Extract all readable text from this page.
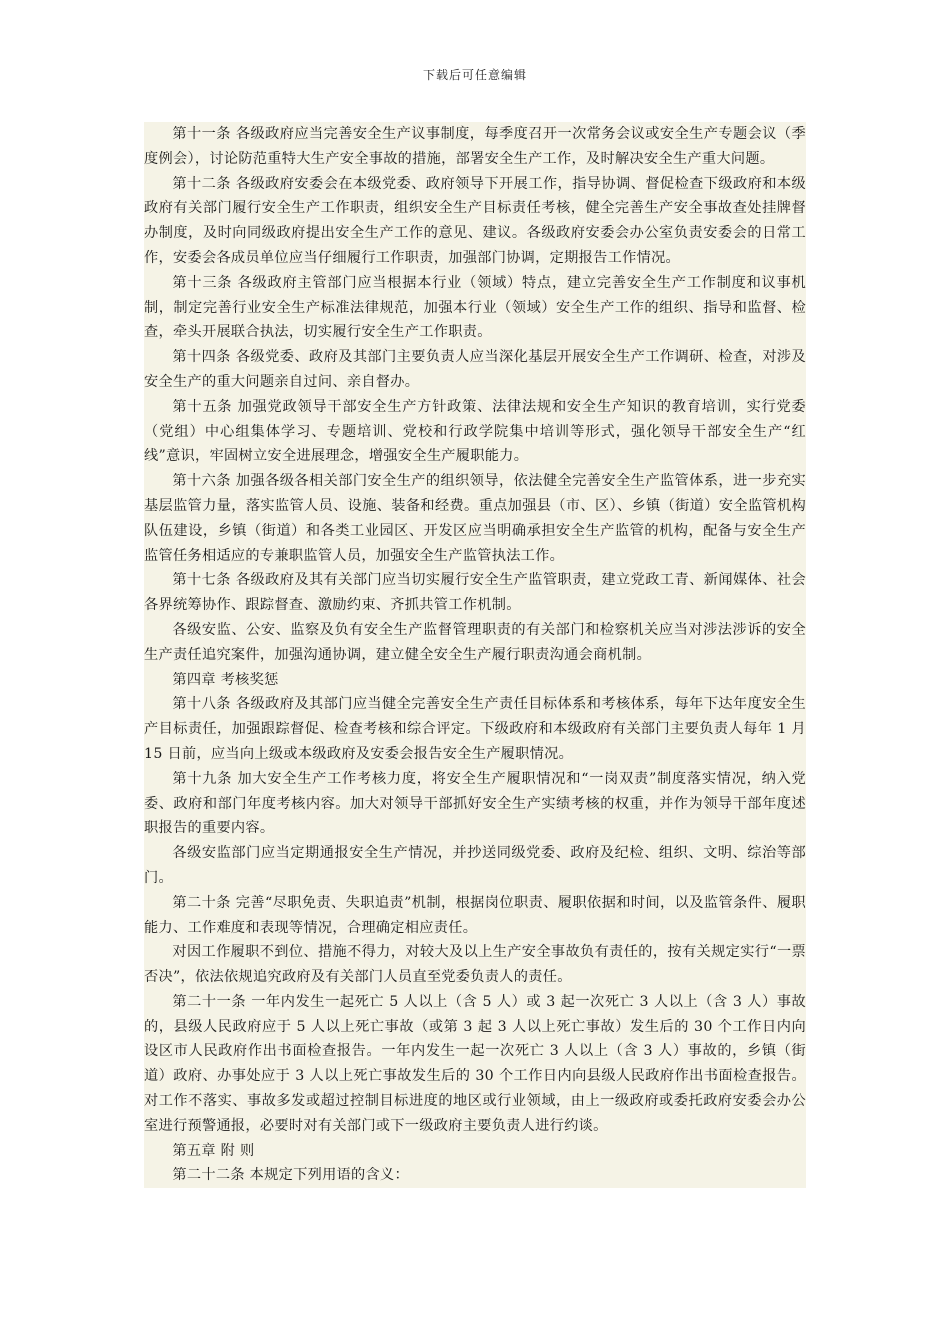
下载后可任意编辑

第十一条 各级政府应当完善安全生产议事制度，每季度召开一次常务会议或安全生产专题会议（季度例会），讨论防范重特大生产安全事故的措施，部署安全生产工作，及时解决安全生产重大问题。

第十二条 各级政府安委会在本级党委、政府领导下开展工作，指导协调、督促检查下级政府和本级政府有关部门履行安全生产工作职责，组织安全生产目标责任考核，健全完善生产安全事故查处挂牌督办制度，及时向同级政府提出安全生产工作的意见、建议。各级政府安委会办公室负责安委会的日常工作，安委会各成员单位应当仔细履行工作职责，加强部门协调，定期报告工作情况。

第十三条 各级政府主管部门应当根据本行业（领域）特点，建立完善安全生产工作制度和议事机制，制定完善行业安全生产标准法律规范，加强本行业（领域）安全生产工作的组织、指导和监督、检查，牵头开展联合执法，切实履行安全生产工作职责。

第十四条 各级党委、政府及其部门主要负责人应当深化基层开展安全生产工作调研、检查，对涉及安全生产的重大问题亲自过问、亲自督办。

第十五条 加强党政领导干部安全生产方针政策、法律法规和安全生产知识的教育培训，实行党委（党组）中心组集体学习、专题培训、党校和行政学院集中培训等形式，强化领导干部安全生产“红线”意识，牢固树立安全进展理念，增强安全生产履职能力。

第十六条 加强各级各相关部门安全生产的组织领导，依法健全完善安全生产监管体系，进一步充实基层监管力量，落实监管人员、设施、装备和经费。重点加强县（市、区）、乡镇（街道）安全监管机构队伍建设，乡镇（街道）和各类工业园区、开发区应当明确承担安全生产监管的机构，配备与安全生产监管任务相适应的专兼职监管人员，加强安全生产监管执法工作。

第十七条 各级政府及其有关部门应当切实履行安全生产监管职责，建立党政工青、新闻媒体、社会各界统筹协作、跟踪督查、激励约束、齐抓共管工作机制。

各级安监、公安、监察及负有安全生产监督管理职责的有关部门和检察机关应当对涉法涉诉的安全生产责任追究案件，加强沟通协调，建立健全安全生产履行职责沟通会商机制。

第四章 考核奖惩

第十八条 各级政府及其部门应当健全完善安全生产责任目标体系和考核体系，每年下达年度安全生产目标责任，加强跟踪督促、检查考核和综合评定。下级政府和本级政府有关部门主要负责人每年 1 月 15 日前，应当向上级或本级政府及安委会报告安全生产履职情况。

第十九条 加大安全生产工作考核力度，将安全生产履职情况和“一岗双责”制度落实情况，纳入党委、政府和部门年度考核内容。加大对领导干部抓好安全生产实绩考核的权重，并作为领导干部年度述职报告的重要内容。

各级安监部门应当定期通报安全生产情况，并抄送同级党委、政府及纪检、组织、文明、综治等部门。

第二十条 完善“尽职免责、失职追责”机制，根据岗位职责、履职依据和时间，以及监管条件、履职能力、工作难度和表现等情况，合理确定相应责任。

对因工作履职不到位、措施不得力，对较大及以上生产安全事故负有责任的，按有关规定实行“一票否决”，依法依规追究政府及有关部门人员直至党委负责人的责任。

第二十一条 一年内发生一起死亡 5 人以上（含 5 人）或 3 起一次死亡 3 人以上（含 3 人）事故的，县级人民政府应于 5 人以上死亡事故（或第 3 起 3 人以上死亡事故）发生后的 30 个工作日内向设区市人民政府作出书面检查报告。一年内发生一起一次死亡 3 人以上（含 3 人）事故的，乡镇（街道）政府、办事处应于 3 人以上死亡事故发生后的 30 个工作日内向县级人民政府作出书面检查报告。对工作不落实、事故多发或超过控制目标进度的地区或行业领域，由上一级政府或委托政府安委会办公室进行预警通报，必要时对有关部门或下一级政府主要负责人进行约谈。

第五章 附 则

第二十二条 本规定下列用语的含义：
